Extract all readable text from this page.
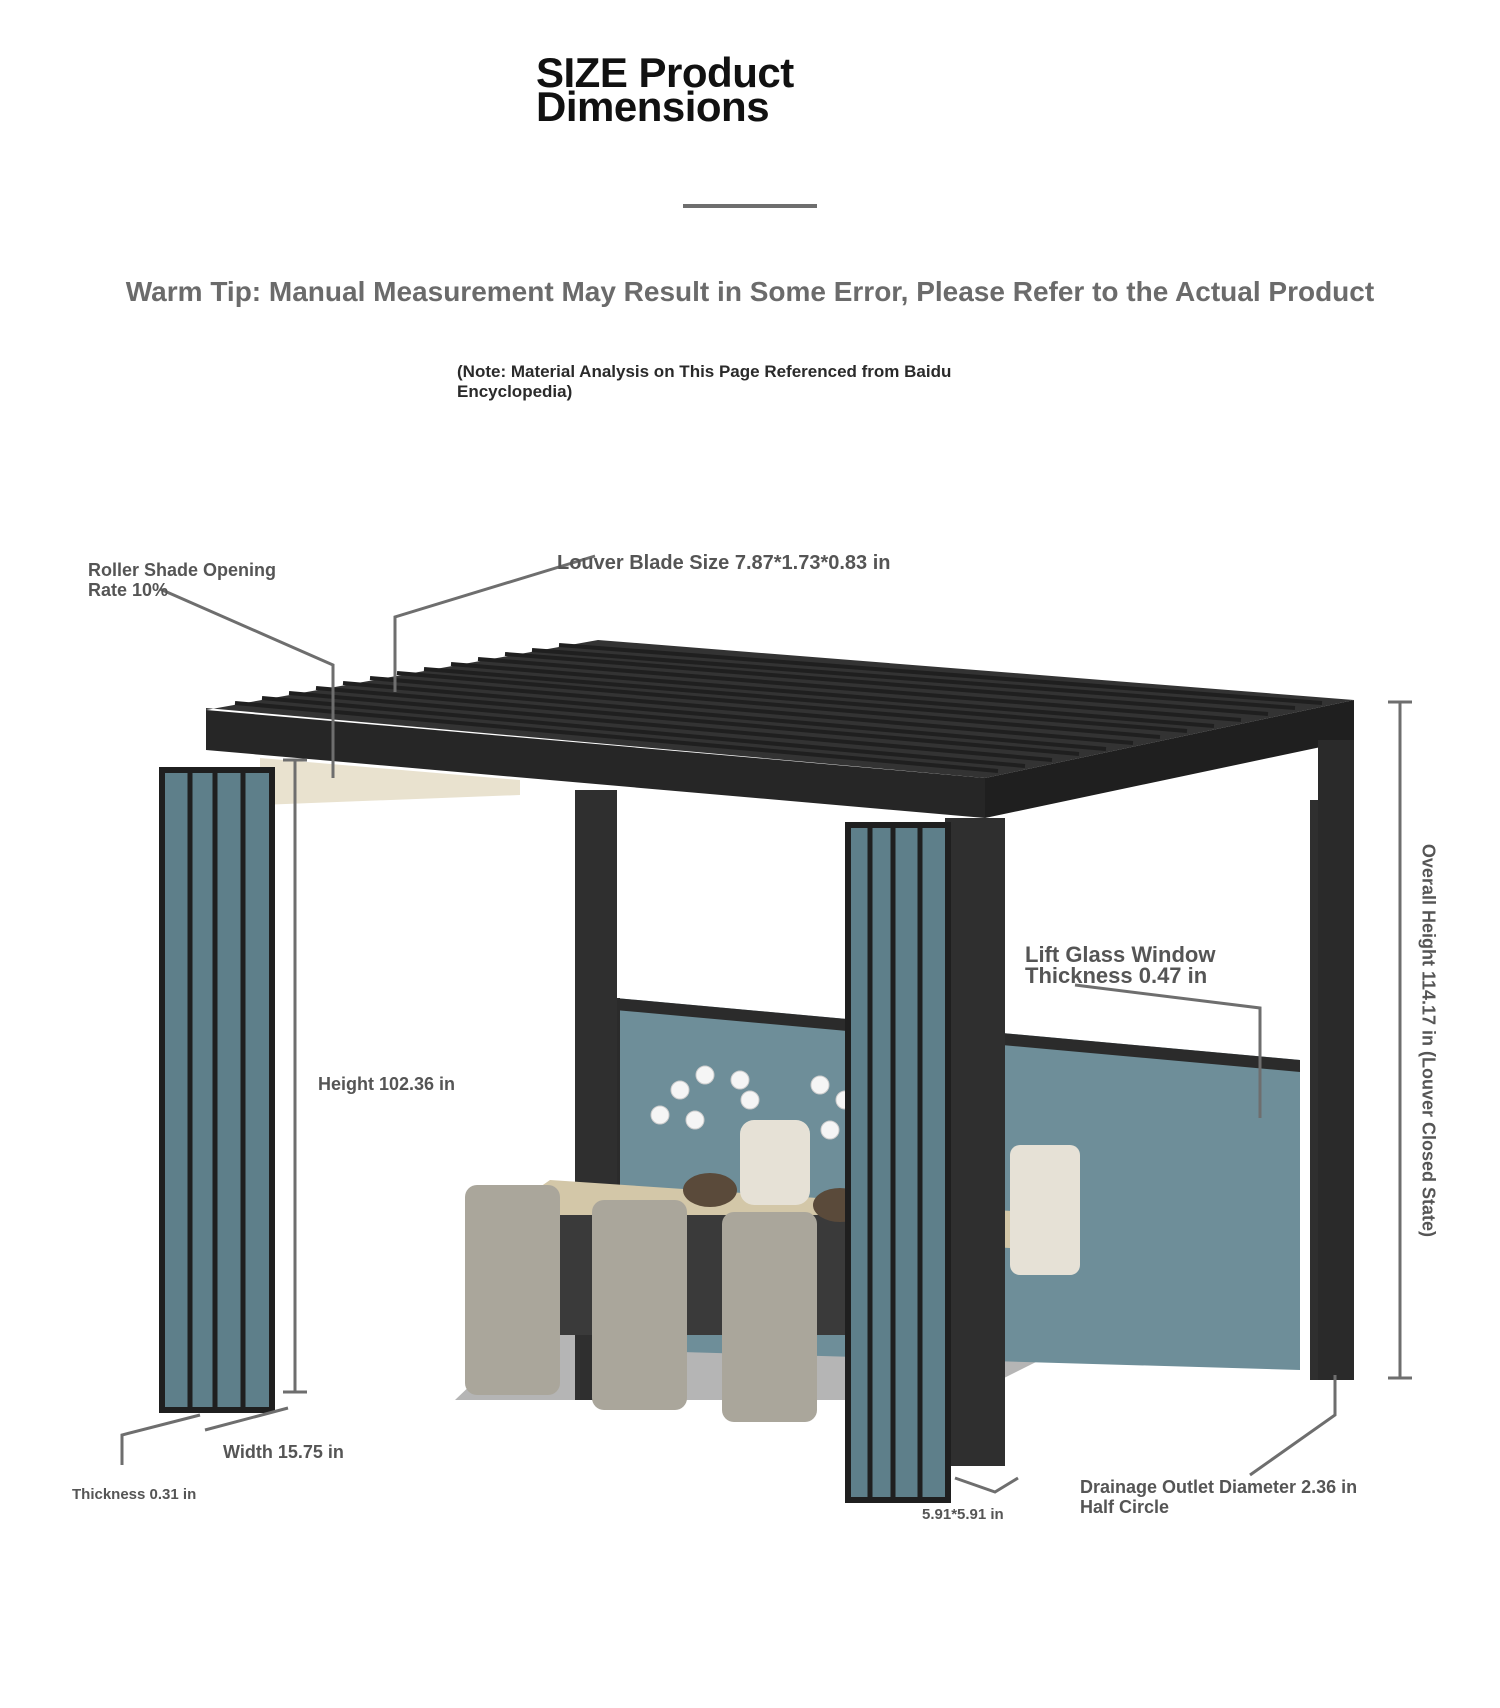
SIZE Product
Dimensions
Warm Tip: Manual Measurement May Result in Some Error, Please Refer to the Actual Product
(Note: Material Analysis on This Page Referenced from Baidu
Encyclopedia)
Roller Shade Opening
Rate 10%
Louver Blade Size 7.87*1.73*0.83 in
Lift Glass Window
Thickness 0.47 in
Height 102.36 in	Overall Height 114.17 in (Louver Closed State)
Width 15.75 in
Thickness 0.31 in
5.91*5.91 in
Drainage Outlet Diameter 2.36 in
Half Circle
